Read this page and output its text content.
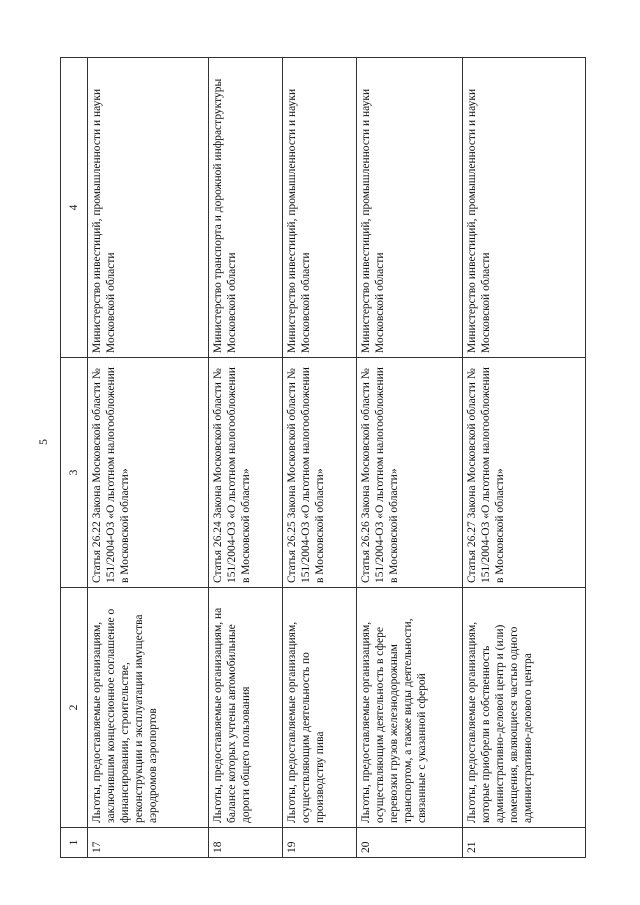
5
1	2	3	4
17	Льготы, предоставляемые организациям, заключившим концессионное соглашение о финансировании, строительстве, реконструкции и эксплуатации имущества аэродромов аэропортов	Статья 26.22 Закона Московской области № 151/2004-ОЗ «О льготном налогообложении в Московской области»	Министерство инвестиций, промышленности и науки Московской области
18	Льготы, предоставляемые организациям, на балансе которых учтены автомобильные дороги общего пользования	Статья 26.24 Закона Московской области № 151/2004-ОЗ «О льготном налогообложении в Московской области»	Министерство транспорта и дорожной инфраструктуры Московской области
19	Льготы, предоставляемые организациям, осуществляющим деятельность по производству пива	Статья 26.25 Закона Московской области № 151/2004-ОЗ «О льготном налогообложении в Московской области»	Министерство инвестиций, промышленности и науки Московской области
20	Льготы, предоставляемые организациям, осуществляющим деятельность в сфере перевозки грузов железнодорожным транспортом, а также виды деятельности, связанные с указанной сферой	Статья 26.26 Закона Московской области № 151/2004-ОЗ «О льготном налогообложении в Московской области»	Министерство инвестиций, промышленности и науки Московской области
21	Льготы, предоставляемые организациям, которые приобрели в собственность административно-деловой центр и (или) помещения, являющиеся частью одного административно-делового центра	Статья 26.27 Закона Московской области № 151/2004-ОЗ «О льготном налогообложении в Московской области»	Министерство инвестиций, промышленности и науки Московской области
